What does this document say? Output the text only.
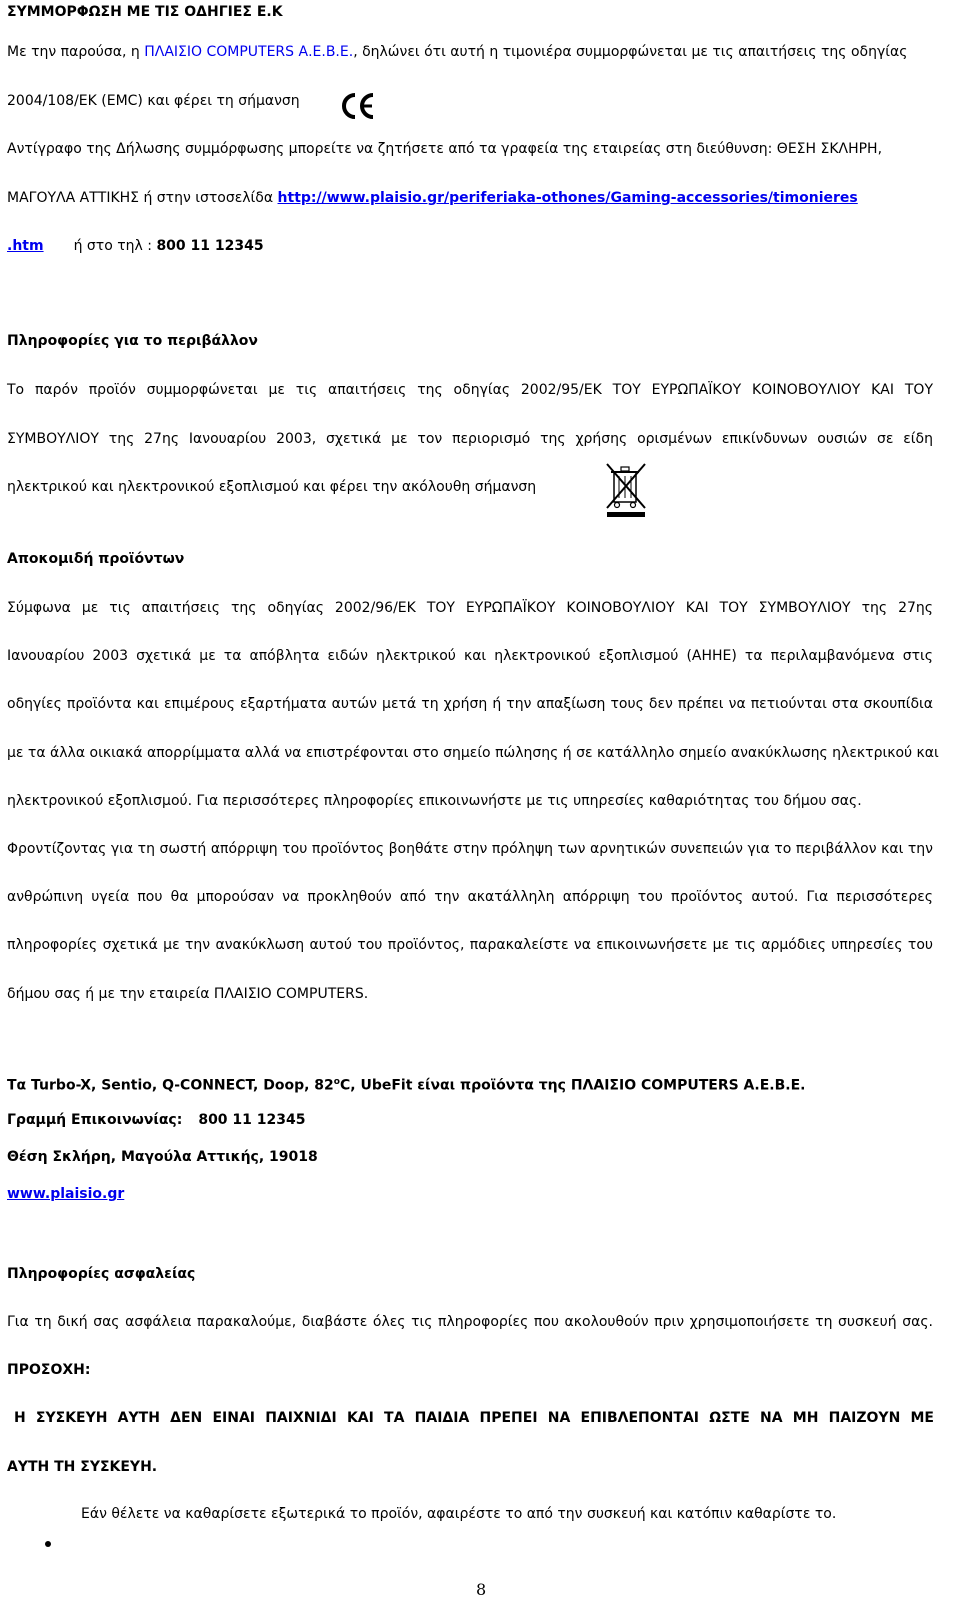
ΣΥΜΜΟΡΦΩΣΗ ΜΕ ΤΙΣ ΟΔΗΓΙΕΣ Ε.Κ
Με την παρούσα, η ΠΛΑΙΣΙΟ COMPUTERS Α.Ε.Β.Ε., δηλώνει ότι αυτή η τιμονιέρα συμμορφώνεται με τις απαιτήσεις της οδηγίας
2004/108/ΕΚ (EMC) και φέρει τη σήμανση
Αντίγραφο της Δήλωσης συμμόρφωσης μπορείτε να ζητήσετε από τα γραφεία της εταιρείας στη διεύθυνση: ΘΕΣΗ ΣΚΛΗΡΗ,
ΜΑΓΟΥΛΑ ΑΤΤΙΚΗΣ ή στην ιστοσελίδα http://www.plaisio.gr/periferiaka-othones/Gaming-accessories/timonieres
.htm ή στο τηλ : 800 11 12345
Πληροφορίες για το περιβάλλον
Το παρόν προϊόν συμμορφώνεται με τις απαιτήσεις της οδηγίας 2002/95/ΕΚ ΤΟΥ ΕΥΡΩΠΑΪΚΟΥ ΚΟΙΝΟΒΟΥΛΙΟΥ ΚΑΙ ΤΟΥ
ΣΥΜΒΟΥΛΙΟΥ της 27ης Ιανουαρίου 2003, σχετικά με τον περιορισμό της χρήσης ορισμένων επικίνδυνων ουσιών σε είδη
ηλεκτρικού και ηλεκτρονικού εξοπλισμού και φέρει την ακόλουθη σήμανση
Αποκομιδή προϊόντων
Σύμφωνα με τις απαιτήσεις της οδηγίας 2002/96/ΕΚ ΤΟΥ ΕΥΡΩΠΑΪΚΟΥ ΚΟΙΝΟΒΟΥΛΙΟΥ ΚΑΙ ΤΟΥ ΣΥΜΒΟΥΛΙΟΥ της 27ης
Ιανουαρίου 2003 σχετικά με τα απόβλητα ειδών ηλεκτρικού και ηλεκτρονικού εξοπλισμού (ΑΗΗΕ) τα περιλαμβανόμενα στις
οδηγίες προϊόντα και επιμέρους εξαρτήματα αυτών μετά τη χρήση ή την απαξίωση τους δεν πρέπει να πετιούνται στα σκουπίδια
με τα άλλα οικιακά απορρίμματα αλλά να επιστρέφονται στο σημείο πώλησης ή σε κατάλληλο σημείο ανακύκλωσης ηλεκτρικού και
ηλεκτρονικού εξοπλισμού. Για περισσότερες πληροφορίες επικοινωνήστε με τις υπηρεσίες καθαριότητας του δήμου σας.
Φροντίζοντας για τη σωστή απόρριψη του προϊόντος βοηθάτε στην πρόληψη των αρνητικών συνεπειών για το περιβάλλον και την
ανθρώπινη υγεία που θα μπορούσαν να προκληθούν από την ακατάλληλη απόρριψη του προϊόντος αυτού. Για περισσότερες
πληροφορίες σχετικά με την ανακύκλωση αυτού του προϊόντος, παρακαλείστε να επικοινωνήσετε με τις αρμόδιες υπηρεσίες του
δήμου σας ή με την εταιρεία ΠΛΑΙΣΙΟ COMPUTERS.
Τα Turbo-X, Sentio, Q-CONNECT, Doop, 82$^o$C, UbeFit είναι προϊόντα της ΠΛΑΙΣΙΟ COMPUTERS Α.Ε.Β.Ε.
Γραμμή Επικοινωνίας: 800 11 12345
Θέση Σκλήρη, Μαγούλα Αττικής, 19018
www.plaisio.gr
Πληροφορίες ασφαλείας
Για τη δική σας ασφάλεια παρακαλούμε, διαβάστε όλες τις πληροφορίες που ακολουθούν πριν χρησιμοποιήσετε τη συσκευή σας.
ΠΡΟΣΟΧΗ:
Η ΣΥΣΚΕΥΗ ΑΥΤΗ ΔΕΝ ΕΙΝΑΙ ΠΑΙΧΝΙΔΙ ΚΑΙ ΤΑ ΠΑΙΔΙΑ ΠΡΕΠΕΙ ΝΑ ΕΠΙΒΛΕΠΟΝΤΑΙ ΩΣΤΕ ΝΑ ΜΗ ΠΑΙΖΟΥΝ ΜΕ
ΑΥΤΗ ΤΗ ΣΥΣΚΕΥΗ.
Εάν θέλετε να καθαρίσετε εξωτερικά το προϊόν, αφαιρέστε το από την συσκευή και κατόπιν καθαρίστε το.
8
